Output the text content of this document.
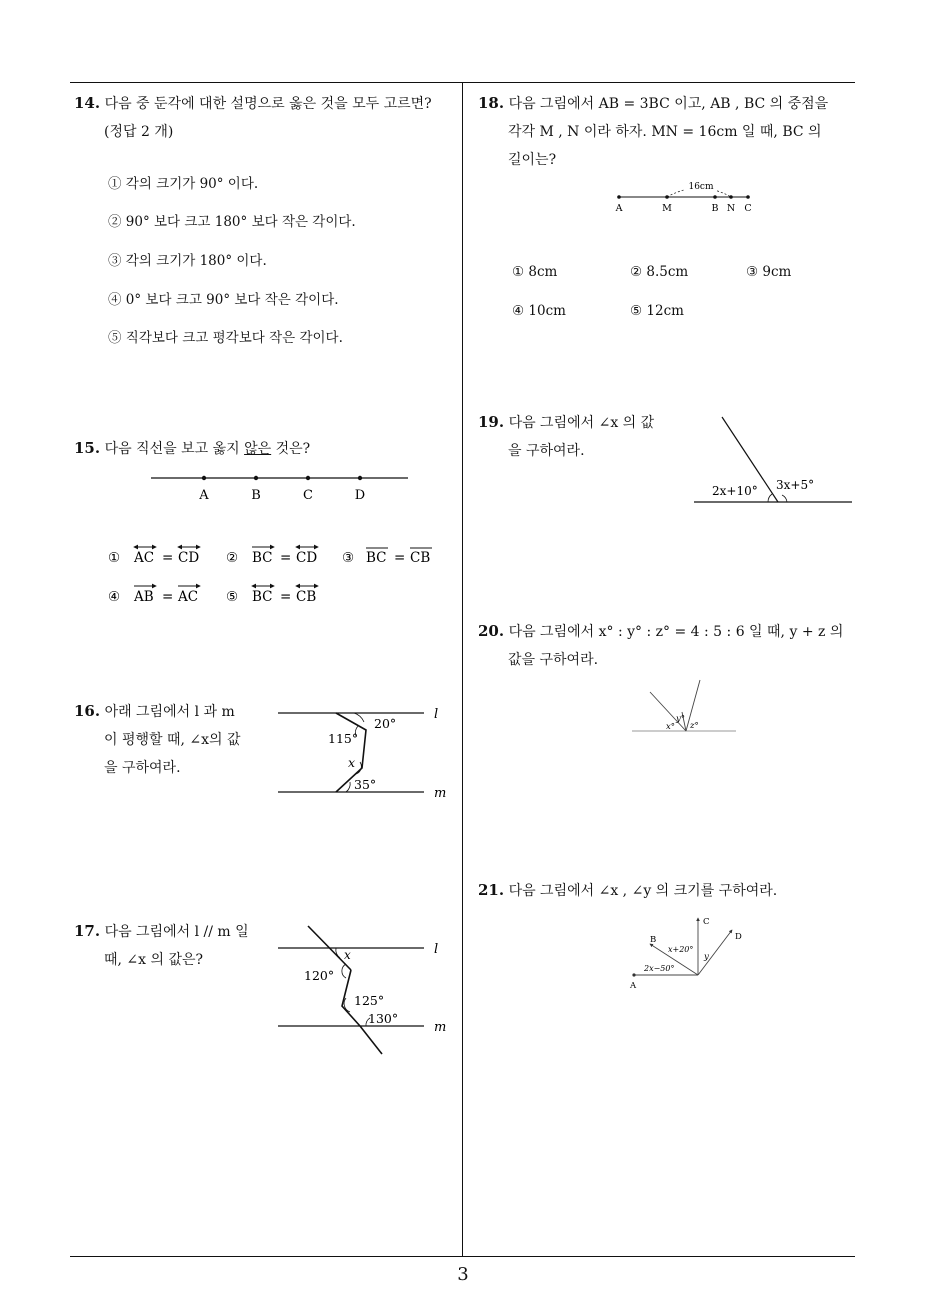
14. 다음 중 둔각에 대한 설명으로 옳은 것을 모두 고르면?
(정답 2 개)
① 각의 크기가 90° 이다.
② 90° 보다 크고 180° 보다 작은 각이다.
③ 각의 크기가 180° 이다.
④ 0° 보다 크고 90° 보다 작은 각이다.
⑤ 직각보다 크고 평각보다 작은 각이다.
15. 다음 직선을 보고 옳지 않은 것은?
A	B	C	D
① AC = CD ② BC = CD ③ BC = CB
④ AB = AC ⑤ BC = CB
16. 아래 그림에서 l 과 m
이 평행할 때, ∠x의 값
을 구하여라.
l
m
20°
115°
x
35°
17. 다음 그림에서 l // m 일
때, ∠x 의 값은?
l
m
x
120°
125°
130°
18. 다음 그림에서 AB = 3BC 이고, AB , BC 의 중점을
각각 M , N 이라 하자. MN = 16cm 일 때, BC 의
길이는?
16cm
A	M	B N C
① 8cm	② 8.5cm	③ 9cm
④ 10cm	⑤ 12cm
19. 다음 그림에서 ∠x 의 값
을 구하여라.
2x+10° 3x+5°
20. 다음 그림에서 x° : y° : z° = 4 : 5 : 6 일 때, y + z 의
값을 구하여라.
x°
y°
z°
21. 다음 그림에서 ∠x , ∠y 의 크기를 구하여라.
A
B
C
D
x+20°
2x−50°
y
3
